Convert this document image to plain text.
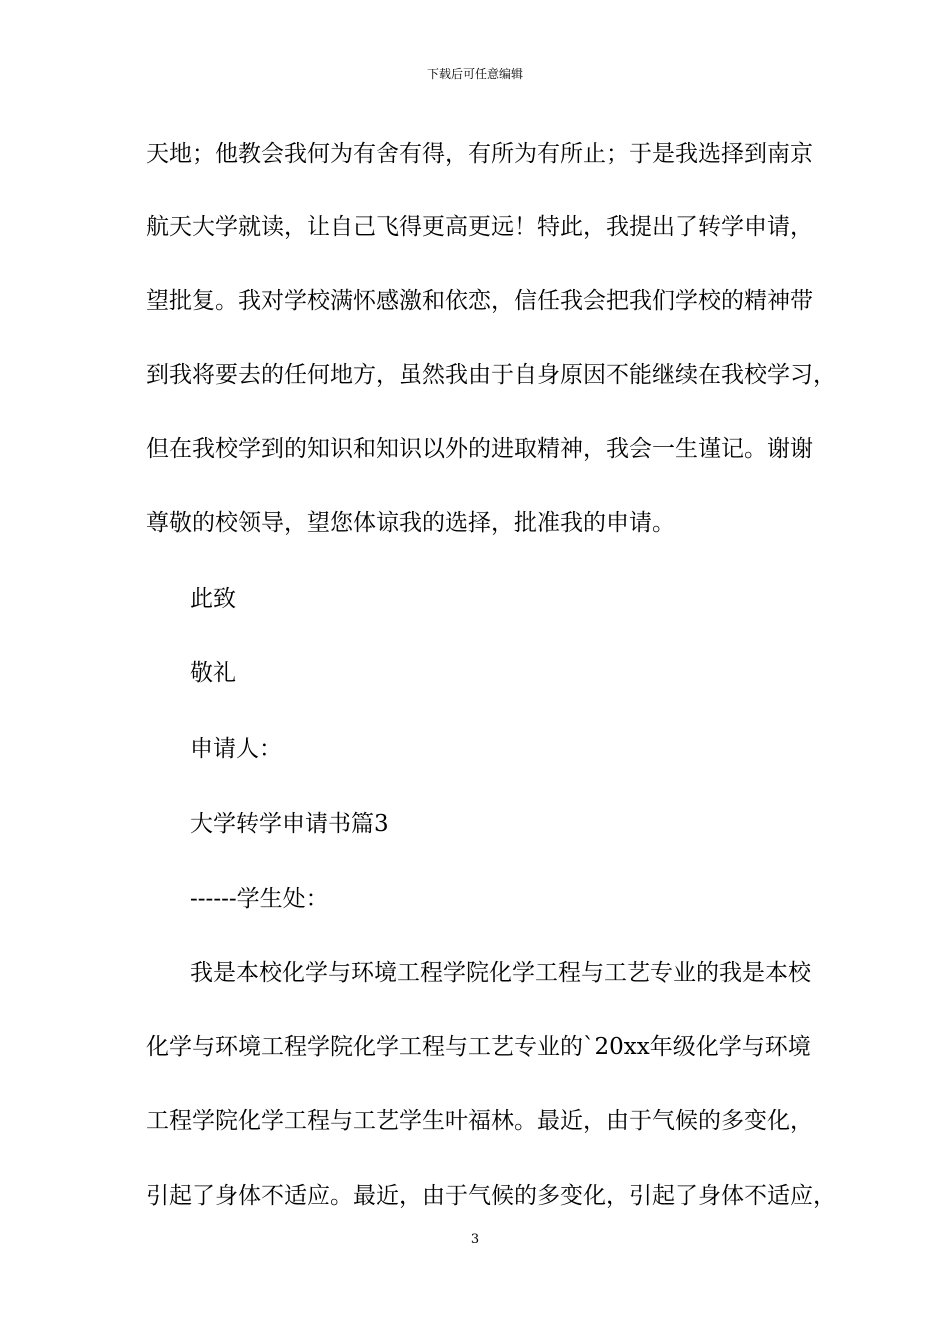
下载后可任意编辑
天地；他教会我何为有舍有得，有所为有所止；于是我选择到南京
航天大学就读，让自己飞得更高更远！特此，我提出了转学申请，
望批复。我对学校满怀感激和依恋，信任我会把我们学校的精神带
到我将要去的任何地方，虽然我由于自身原因不能继续在我校学习，
但在我校学到的知识和知识以外的进取精神，我会一生谨记。谢谢
尊敬的校领导，望您体谅我的选择，批准我的申请。
此致
敬礼
申请人：
大学转学申请书篇3
------学生处：
我是本校化学与环境工程学院化学工程与工艺专业的我是本校
化学与环境工程学院化学工程与工艺专业的`20xx年级化学与环境
工程学院化学工程与工艺学生叶福林。最近，由于气候的多变化，
引起了身体不适应。最近，由于气候的多变化，引起了身体不适应，
3
